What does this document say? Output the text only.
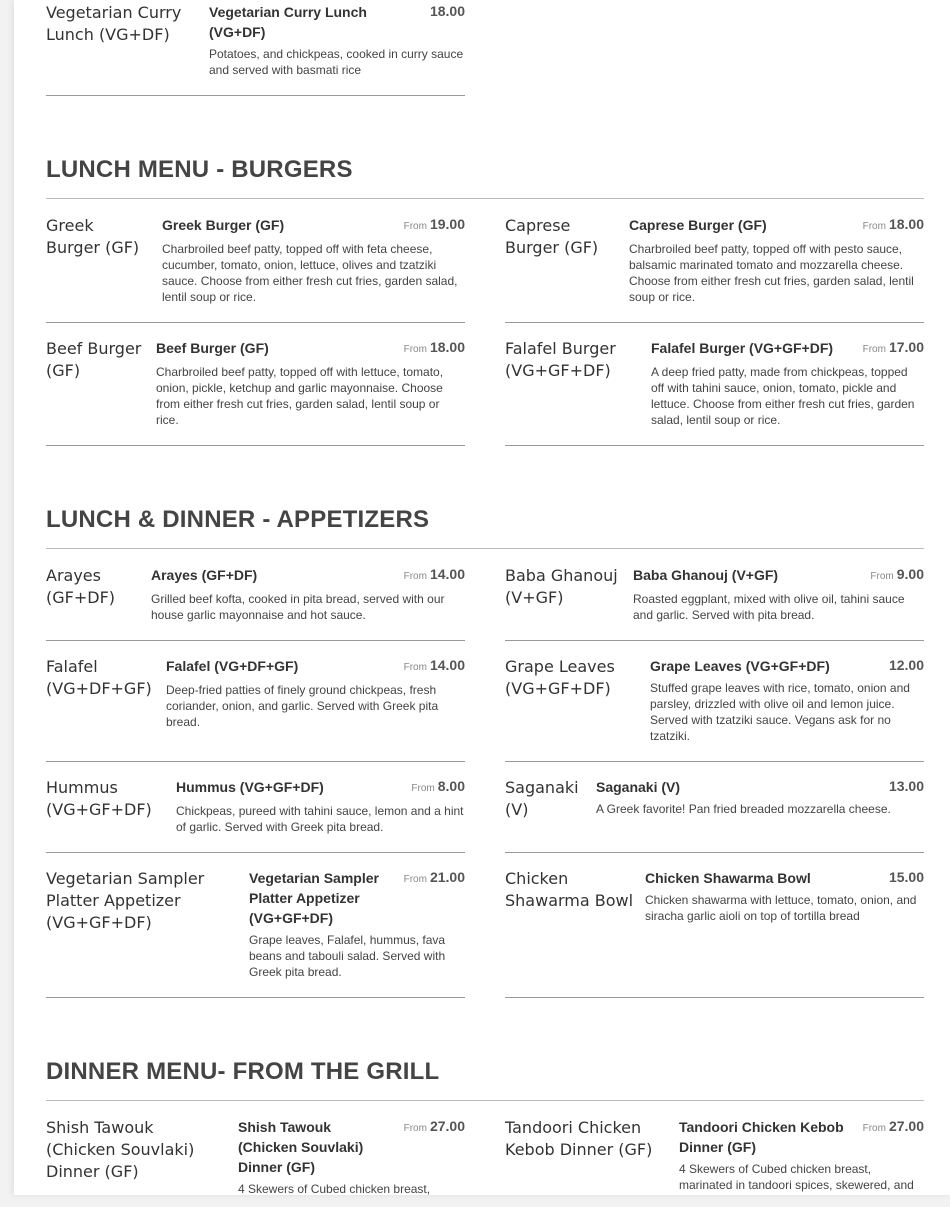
Vegetarian Curry Lunch (VG+DF)
Vegetarian Curry Lunch (VG+DF)
18.00
Potatoes, and chickpeas, cooked in curry sauce and served with basmati rice
LUNCH MENU - BURGERS
Greek Burger (GF)
Greek Burger (GF)	From 19.00
Charbroiled beef patty, topped off with feta cheese, cucumber, tomato, onion, lettuce, olives and tzatziki sauce. Choose from either fresh cut fries, garden salad, lentil soup or rice.
Caprese Burger (GF)
Caprese Burger (GF)	From 18.00
Charbroiled beef patty, topped off with pesto sauce, balsamic marinated tomato and mozzarella cheese. Choose from either fresh cut fries, garden salad, lentil soup or rice.
Beef Burger (GF)
Beef Burger (GF)	From 18.00
Charbroiled beef patty, topped off with lettuce, tomato, onion, pickle, ketchup and garlic mayonnaise. Choose from either fresh cut fries, garden salad, lentil soup or rice.
Falafel Burger (VG+GF+DF)
Falafel Burger (VG+GF+DF)	From 17.00
A deep fried patty, made from chickpeas, topped off with tahini sauce, onion, tomato, pickle and lettuce. Choose from either fresh cut fries, garden salad, lentil soup or rice.
LUNCH & DINNER - APPETIZERS
Arayes (GF+DF)
Arayes (GF+DF)	From 14.00
Grilled beef kofta, cooked in pita bread, served with our house garlic mayonnaise and hot sauce.
Baba Ghanouj (V+GF)
Baba Ghanouj (V+GF)	From 9.00
Roasted eggplant, mixed with olive oil, tahini sauce and garlic. Served with pita bread.
Falafel (VG+DF+GF)
Falafel (VG+DF+GF)	From 14.00
Deep-fried patties of finely ground chickpeas, fresh coriander, onion, and garlic. Served with Greek pita bread.
Grape Leaves (VG+GF+DF)
Grape Leaves (VG+GF+DF)	12.00
Stuffed grape leaves with rice, tomato, onion and parsley, drizzled with olive oil and lemon juice. Served with tzatziki sauce. Vegans ask for no tzatziki.
Hummus (VG+GF+DF)
Hummus (VG+GF+DF)	From 8.00
Chickpeas, pureed with tahini sauce, lemon and a hint of garlic. Served with Greek pita bread.
Saganaki (V)
Saganaki (V)	13.00
A Greek favorite! Pan fried breaded mozzarella cheese.
Vegetarian Sampler Platter Appetizer (VG+GF+DF)
Vegetarian Sampler Platter Appetizer (VG+GF+DF)
From 21.00
Grape leaves, Falafel, hummus, fava beans and tabouli salad. Served with Greek pita bread.
Chicken Shawarma Bowl
Chicken Shawarma Bowl	15.00
Chicken shawarma with lettuce, tomato, onion, and siracha garlic aioli on top of tortilla bread
DINNER MENU- FROM THE GRILL
Shish Tawouk (Chicken Souvlaki) Dinner (GF)
Shish Tawouk (Chicken Souvlaki) Dinner (GF)
From 27.00
4 Skewers of Cubed chicken breast,
Tandoori Chicken Kebob Dinner (GF)
Tandoori Chicken Kebob Dinner (GF)
From 27.00
4 Skewers of Cubed chicken breast, marinated in tandoori spices, skewered, and
